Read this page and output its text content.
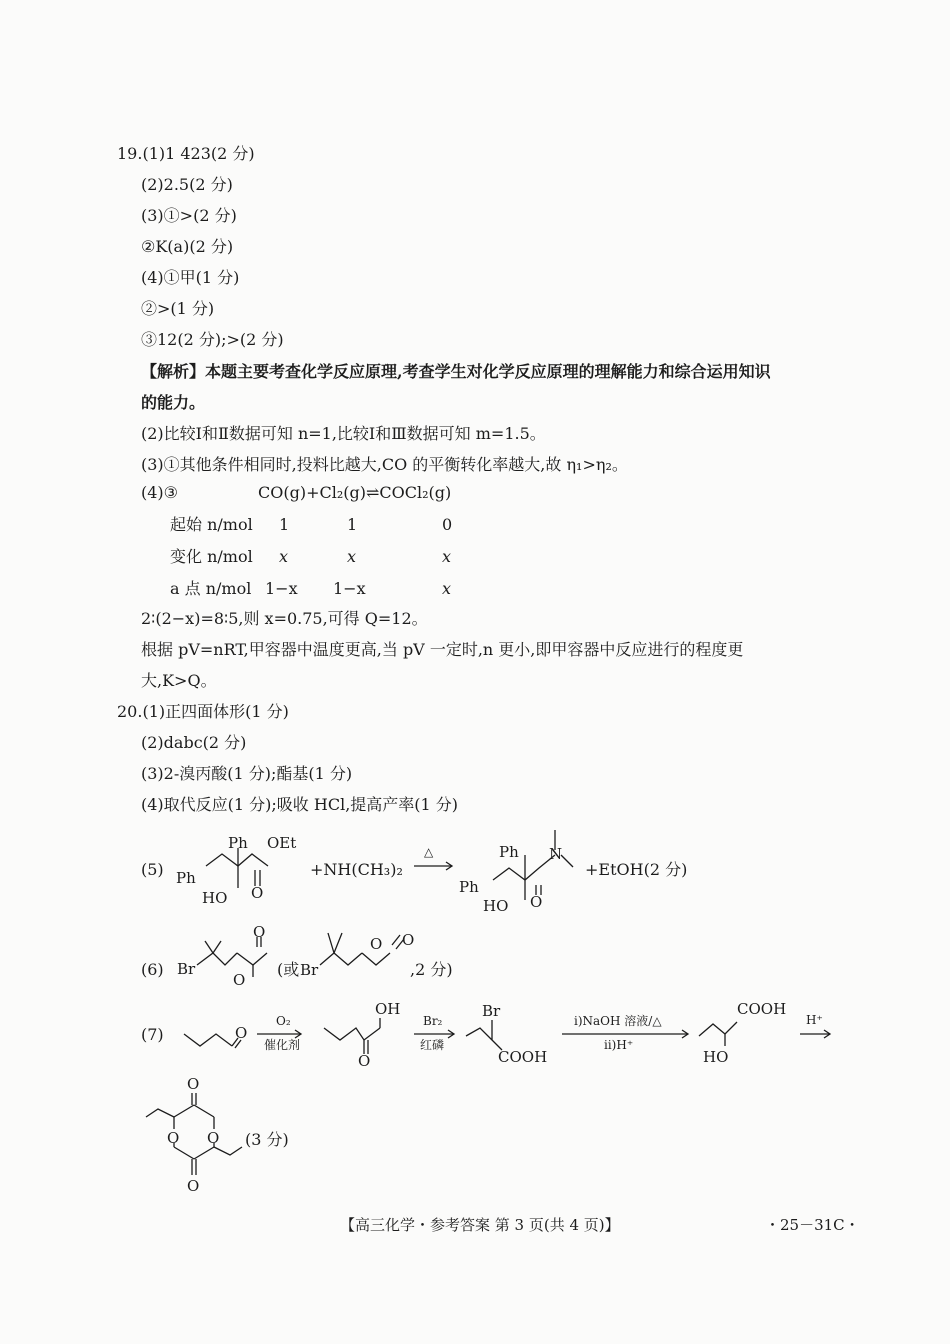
19.(1)1 423(2 分)
(2)2.5(2 分)
(3)①>(2 分)
②K(a)(2 分)
(4)①甲(1 分)
②>(1 分)
③12(2 分);>(2 分)
【解析】本题主要考查化学反应原理,考查学生对化学反应原理的理解能力和综合运用知识
的能力。
(2)比较Ⅰ和Ⅱ数据可知 n=1,比较Ⅰ和Ⅲ数据可知 m=1.5。
(3)①其他条件相同时,投料比越大,CO 的平衡转化率越大,故 η₁>η₂。
(4)③	CO(g)+Cl₂(g)⇌COCl₂(g)
起始 n/mol 1	1	0
变化 n/mol x	x	x
a 点 n/mol 1−x 1−x	x
2∶(2−x)=8∶5,则 x=0.75,可得 Q=12。
根据 pV=nRT,甲容器中温度更高,当 pV 一定时,n 更小,即甲容器中反应进行的程度更
大,K>Q。
20.(1)正四面体形(1 分)
(2)dabc(2 分)
(3)2-溴丙酸(1 分);酯基(1 分)
(4)取代反应(1 分);吸收 HCl,提高产率(1 分)
(5)
Ph
Ph
OEt
HO O
+NH(CH₃)₂
△	Ph
Ph
N
HO O
+EtOH(2 分)
(6) Br
O
O
(或 Br
O O
,2 分)
(7)	O
O₂
催化剂
OH
O
Br₂
红磷
Br
COOH
ⅰ)NaOH 溶液/△
ⅱ)H⁺
COOH
HO
H⁺
O
O O
O
(3 分)
【高三化学・参考答案 第 3 页(共 4 页)】	・25－31C・
